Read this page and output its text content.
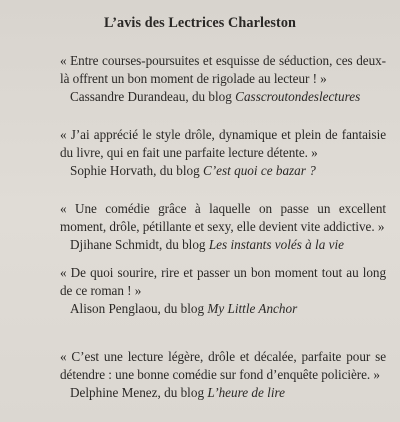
L’avis des Lectrices Charleston

« Entre courses-poursuites et esquisse de séduction, ces deux-là offrent un bon moment de rigolade au lecteur ! »

Cassandre Durandeau, du blog Casscroutondeslectures

« J’ai apprécié le style drôle, dynamique et plein de fantaisie du livre, qui en fait une parfaite lecture détente. »

Sophie Horvath, du blog C’est quoi ce bazar ?

« Une comédie grâce à laquelle on passe un excellent moment, drôle, pétillante et sexy, elle devient vite addictive. »

Djihane Schmidt, du blog Les instants volés à la vie

« De quoi sourire, rire et passer un bon moment tout au long de ce roman ! »

Alison Penglaou, du blog My Little Anchor

« C’est une lecture légère, drôle et décalée, parfaite pour se détendre : une bonne comédie sur fond d’enquête policière. »

Delphine Menez, du blog L’heure de lire
